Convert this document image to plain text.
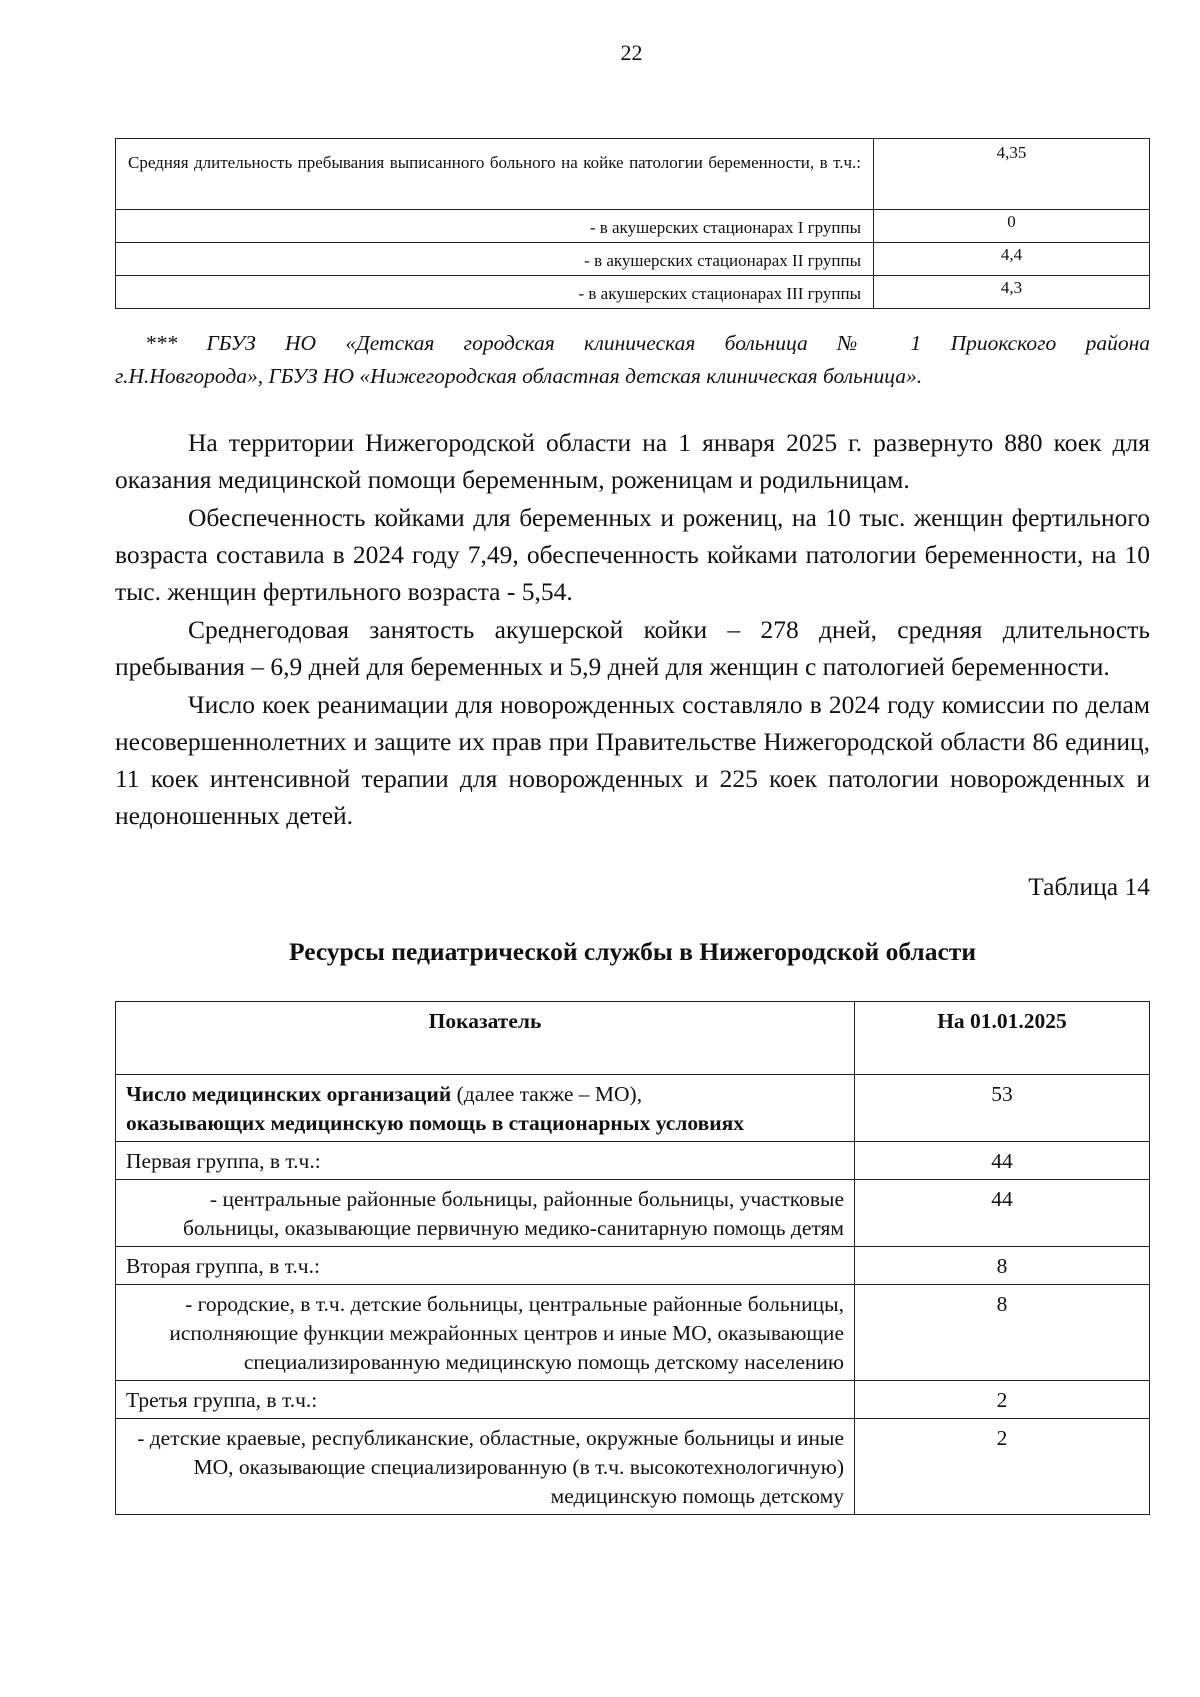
22
Средняя длительность пребывания выписанного больного на койке патологии беременности, в т.ч.:	4,35
- в акушерских стационарах I группы	0
- в акушерских стационарах II группы	4,4
- в акушерских стационарах III группы	4,3
*** ГБУЗ НО «Детская городская клиническая больница № 1 Приокского района
г.Н.Новгорода», ГБУЗ НО «Нижегородская областная детская клиническая больница».

На территории Нижегородской области на 1 января 2025 г. развернуто 880 коек для оказания медицинской помощи беременным, роженицам и родильницам.

Обеспеченность койками для беременных и рожениц, на 10 тыс. женщин фертильного возраста составила в 2024 году 7,49, обеспеченность койками патологии беременности, на 10 тыс. женщин фертильного возраста - 5,54.

Среднегодовая занятость акушерской койки – 278 дней, средняя длительность пребывания – 6,9 дней для беременных и 5,9 дней для женщин с патологией беременности.

Число коек реанимации для новорожденных составляло в 2024 году комиссии по делам несовершеннолетних и защите их прав при Правительстве Нижегородской области 86 единиц, 11 коек интенсивной терапии для новорожденных и 225 коек патологии новорожденных и недоношенных детей.

Таблица 14
Ресурсы педиатрической службы в Нижегородской области
Показатель	На 01.01.2025
Число медицинских организаций (далее также – МО),
оказывающих медицинскую помощь в стационарных условиях	53
Первая группа, в т.ч.:	44
- центральные районные больницы, районные больницы, участковые больницы, оказывающие первичную медико-санитарную помощь детям	44
Вторая группа, в т.ч.:	8
- городские, в т.ч. детские больницы, центральные районные больницы, исполняющие функции межрайонных центров и иные МО, оказывающие специализированную медицинскую помощь детскому населению	8
Третья группа, в т.ч.:	2
- детские краевые, республиканские, областные, окружные больницы и иные МО, оказывающие специализированную (в т.ч. высокотехнологичную) медицинскую помощь детскому	2
